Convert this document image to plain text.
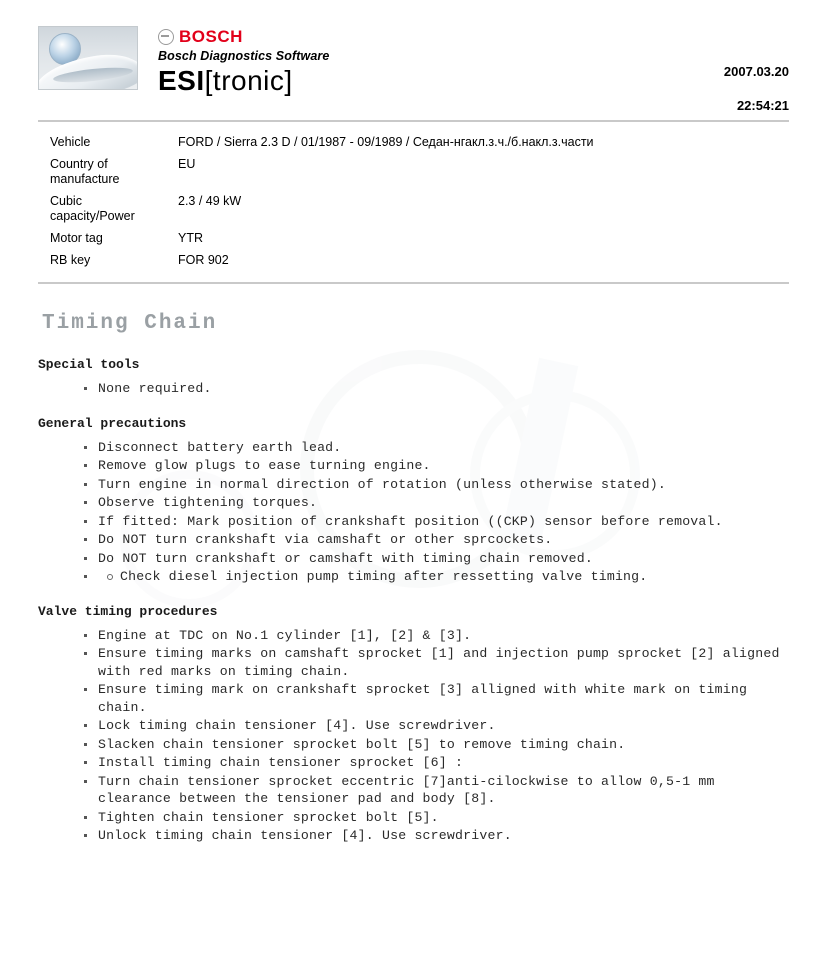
BOSCH
Bosch Diagnostics Software
ESI[tronic]	2007.03.20

22:54:21

Vehicle	FORD / Sierra 2.3 D / 01/1987 - 09/1989 / Седан-нгакл.з.ч./б.накл.з.части
Country of manufacture	EU
Cubic capacity/Power	2.3 / 49 kW
Motor tag	YTR
RB key	FOR 902
Timing Chain
Special tools
None required.
General precautions
Disconnect battery earth lead.
Remove glow plugs to ease turning engine.
Turn engine in normal direction of rotation (unless otherwise stated).
Observe tightening torques.
If fitted: Mark position of crankshaft position ((CKP) sensor before removal.
Do NOT turn crankshaft via camshaft or other sprcockets.
Do NOT turn crankshaft or camshaft with timing chain removed.
Check diesel injection pump timing after ressetting valve timing.
Valve timing procedures
Engine at TDC on No.1 cylinder [1], [2] & [3].
Ensure timing marks on camshaft sprocket [1] and injection pump sprocket [2] aligned with red marks on timing chain.
Ensure timing mark on crankshaft sprocket [3] alligned with white mark on timing chain.
Lock timing chain tensioner [4]. Use screwdriver.
Slacken chain tensioner sprocket bolt [5] to remove timing chain.
Install timing chain tensioner sprocket [6] :
Turn chain tensioner sprocket eccentric [7]anti-cilockwise to allow 0,5-1 mm clearance between the tensioner pad and body [8].
Tighten chain tensioner sprocket bolt [5].
Unlock timing chain tensioner [4]. Use screwdriver.
